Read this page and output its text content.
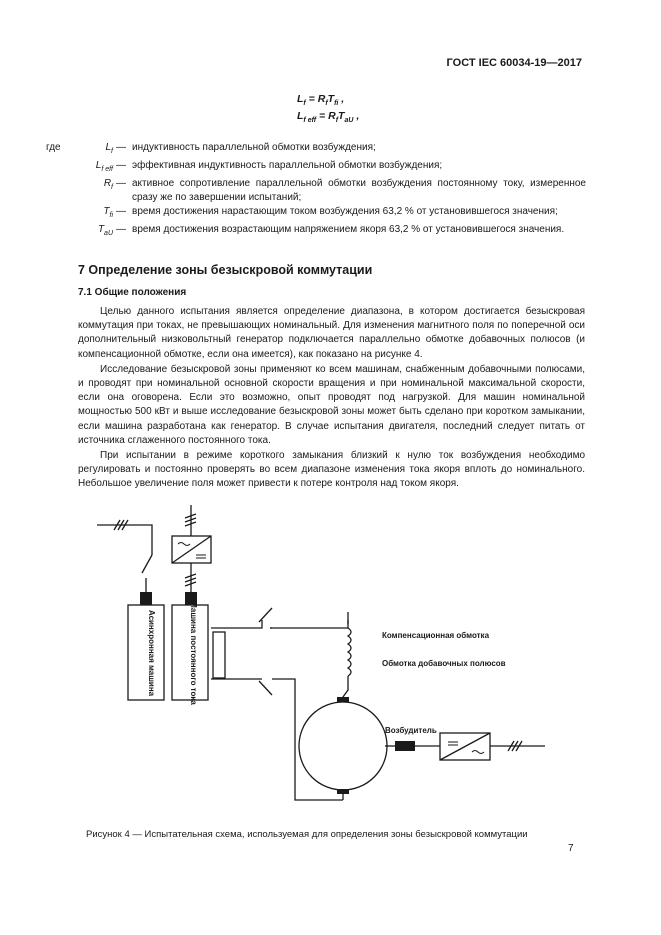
ГОСТ IEC 60034-19—2017
$L_f = R_fT_{fi}$ ,
$L_{f eff} = R_fT_{aU}$ ,
где	$L_f$ — индуктивность параллельной обмотки возбуждения;
$L_{f eff}$ — эффективная индуктивность параллельной обмотки возбуждения;
$R_f$ — активное сопротивление параллельной обмотки возбуждения постоянному току, измеренное сразу же по завершении испытаний;
$T_{fi}$ — время достижения нарастающим током возбуждения 63,2 % от установившегося значения;
$T_{aU}$ — время достижения возрастающим напряжением якоря 63,2 % от установившегося значения.
7 Определение зоны безыскровой коммутации
7.1 Общие положения

Целью данного испытания является определение диапазона, в котором достигается безыскровая коммутация при токах, не превышающих номинальный. Для изменения магнитного поля по поперечной оси дополнительный низковольтный генератор подключается параллельно обмотке добавочных полюсов (и компенсационной обмотке, если она имеется), как показано на рисунке 4.

Исследование безыскровой зоны применяют ко всем машинам, снабженным добавочными полюсами, и проводят при номинальной основной скорости вращения и при номинальной максимальной скорости, если она оговорена. Если это возможно, опыт проводят под нагрузкой. Для машин номинальной мощностью 500 кВт и выше исследование безыскровой зоны может быть сделано при коротком замыкании, если машина разработана как генератор. В случае испытания двигателя, последний следует питать от источника сглаженного постоянного тока.

При испытании в режиме короткого замыкания близкий к нулю ток возбуждения необходимо регулировать и постоянно проверять во всем диапазоне изменения тока якоря вплоть до номинального. Небольшое увеличение поля может привести к потере контроля над током якоря.

Асинхронная машина	Машина постоянного тока	Компенсационная обмотка
Обмотка добавочных полюсов
Возбудитель
Рисунок 4 — Испытательная схема, используемая для определения зоны безыскровой коммутации
7
